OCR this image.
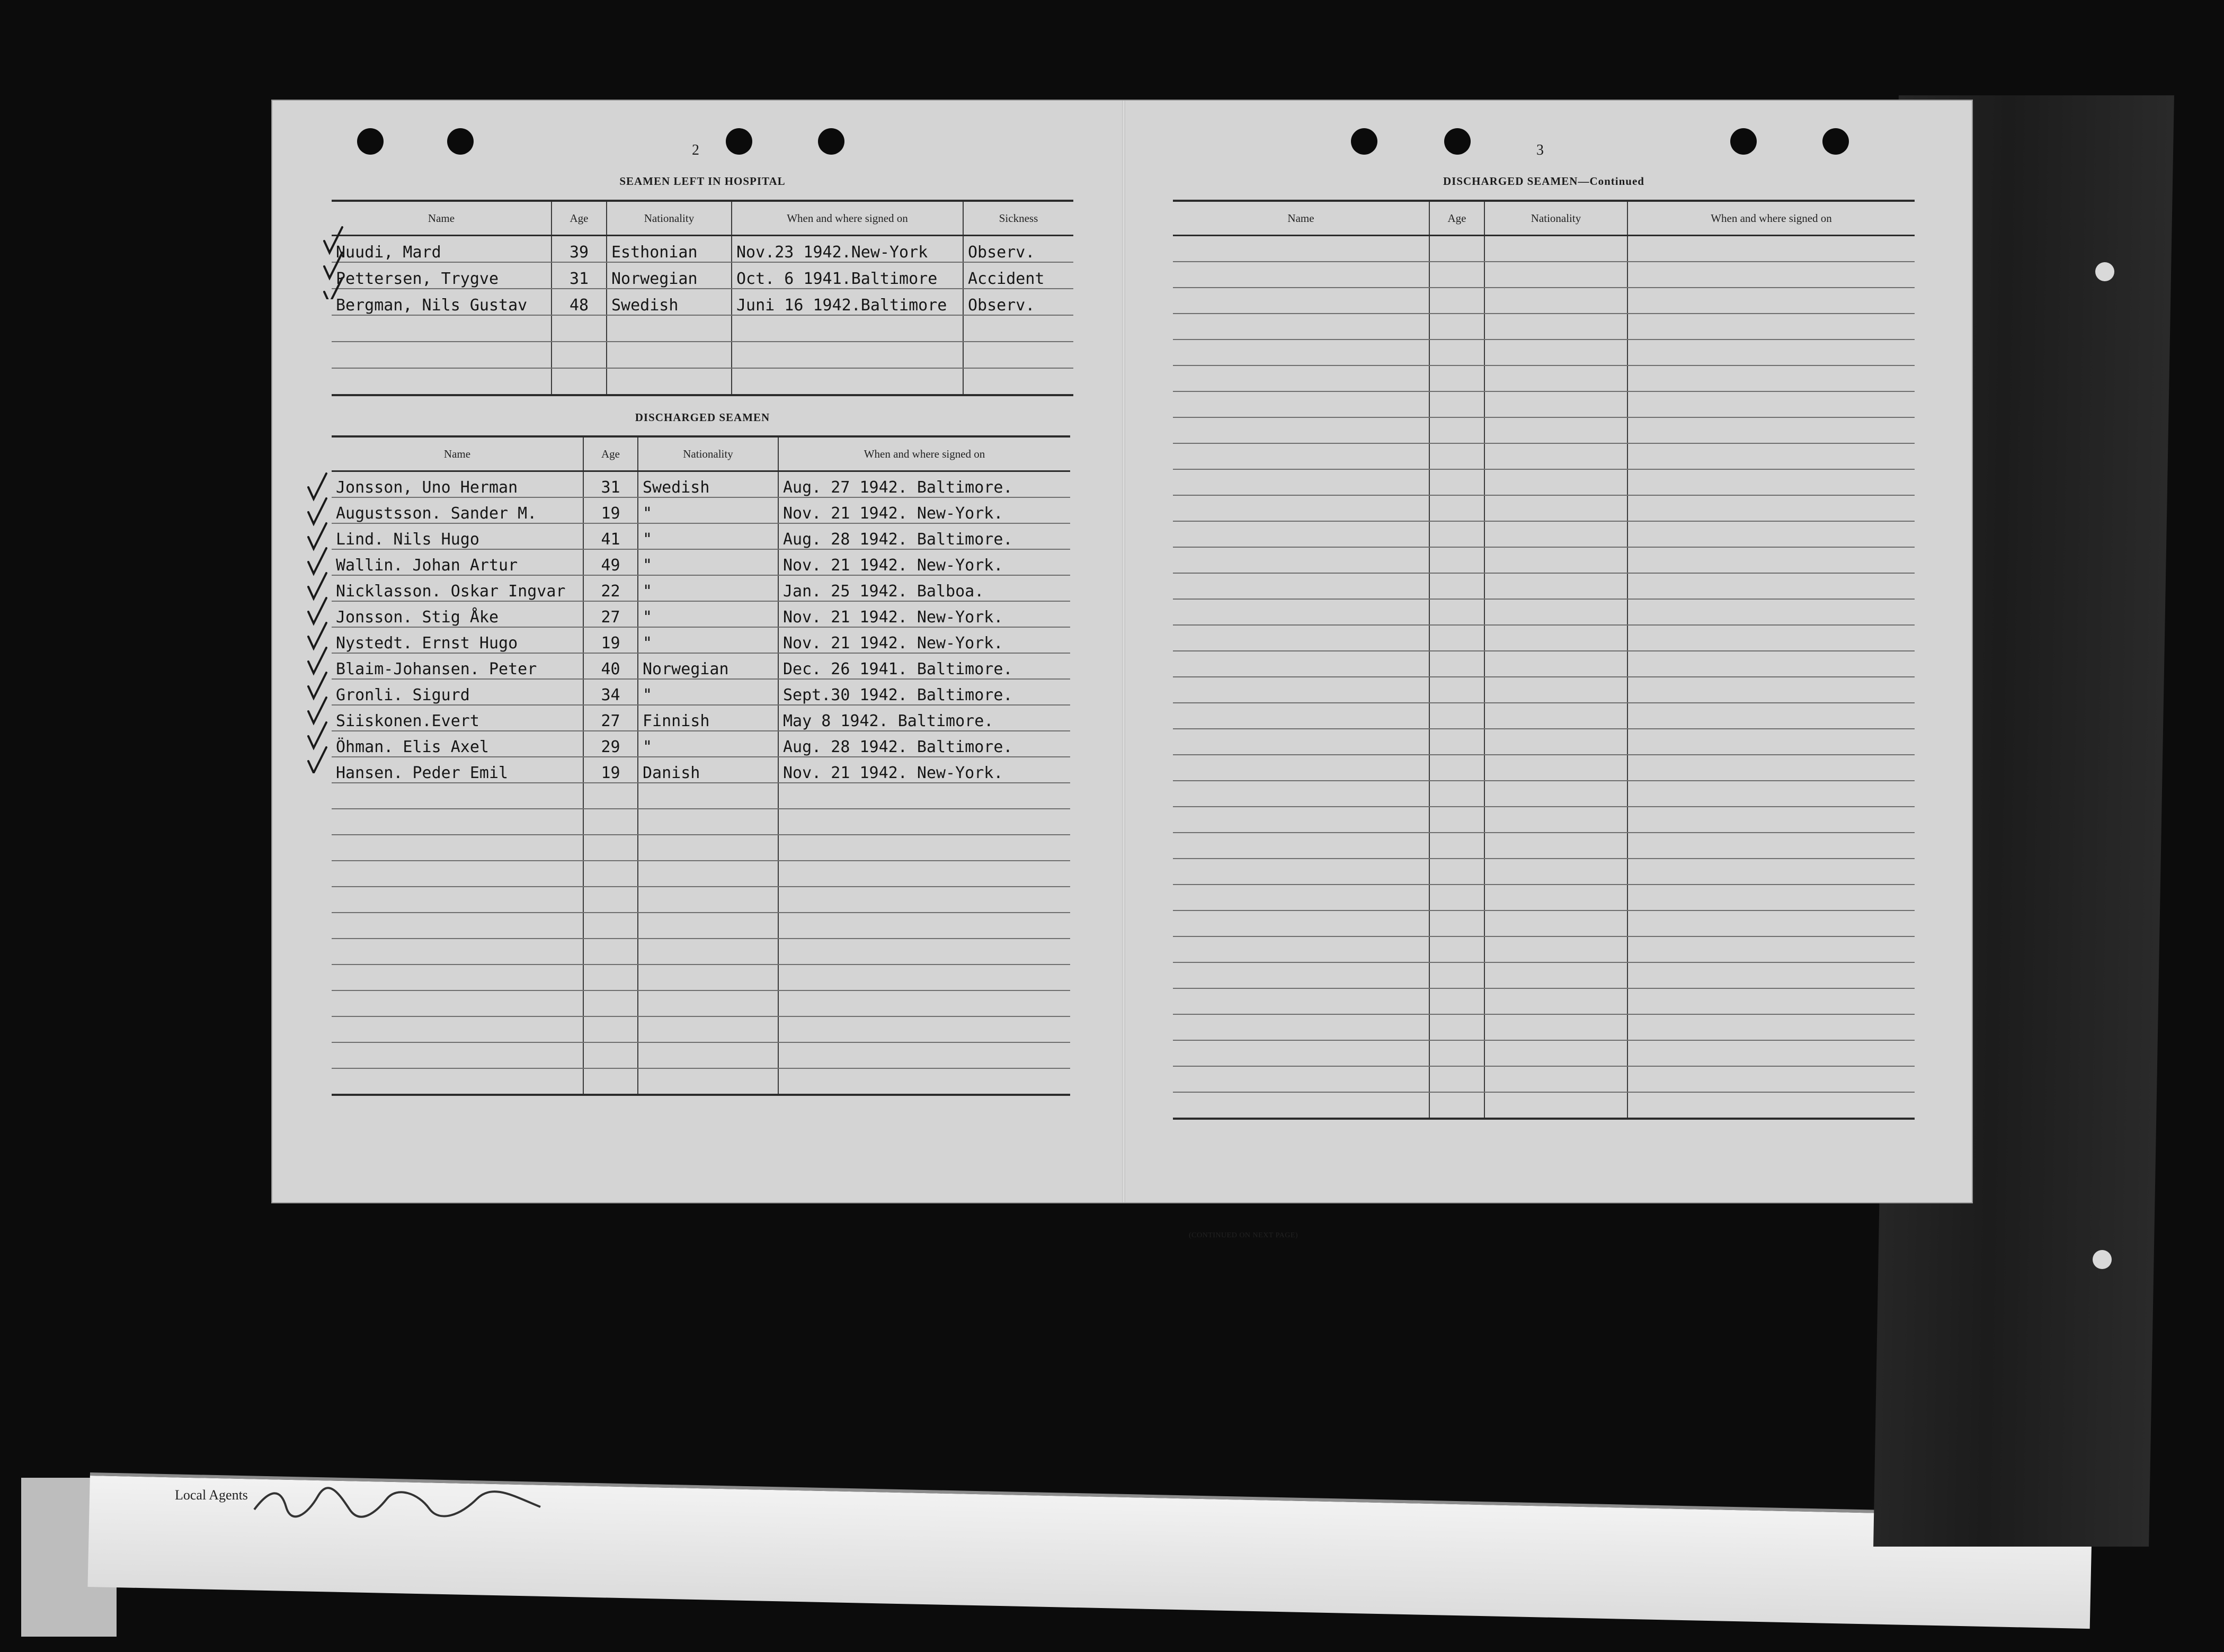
Local Agents
2	3
SEAMEN LEFT IN HOSPITAL
Name	Age	Nationality	When and where signed on	Sickness
Nuudi, Mard	39	Esthonian	Nov.23 1942.New-York	Observ.
Pettersen, Trygve	31	Norwegian	Oct. 6 1941.Baltimore	Accident
Bergman, Nils Gustav	48	Swedish	Juni 16 1942.Baltimore	Observ.

DISCHARGED SEAMEN
Name	Age	Nationality	When and where signed on
Jonsson, Uno Herman	31	Swedish	Aug. 27 1942. Baltimore.
Augustsson. Sander M.	19	"	Nov. 21 1942. New-York.
Lind. Nils Hugo	41	"	Aug. 28 1942. Baltimore.
Wallin. Johan Artur	49	"	Nov. 21 1942. New-York.
Nicklasson. Oskar Ingvar	22	"	Jan. 25 1942. Balboa.
Jonsson. Stig Åke	27	"	Nov. 21 1942. New-York.
Nystedt. Ernst Hugo	19	"	Nov. 21 1942. New-York.
Blaim-Johansen. Peter	40	Norwegian	Dec. 26 1941. Baltimore.
Gronli. Sigurd	34	"	Sept.30 1942. Baltimore.
Siiskonen.Evert	27	Finnish	May 8 1942. Baltimore.
Öhman. Elis Axel	29	"	Aug. 28 1942. Baltimore.
Hansen. Peder Emil	19	Danish	Nov. 21 1942. New-York.

(CONTINUED ON NEXT PAGE)
DISCHARGED SEAMEN—Continued
Name	Age	Nationality	When and where signed on
